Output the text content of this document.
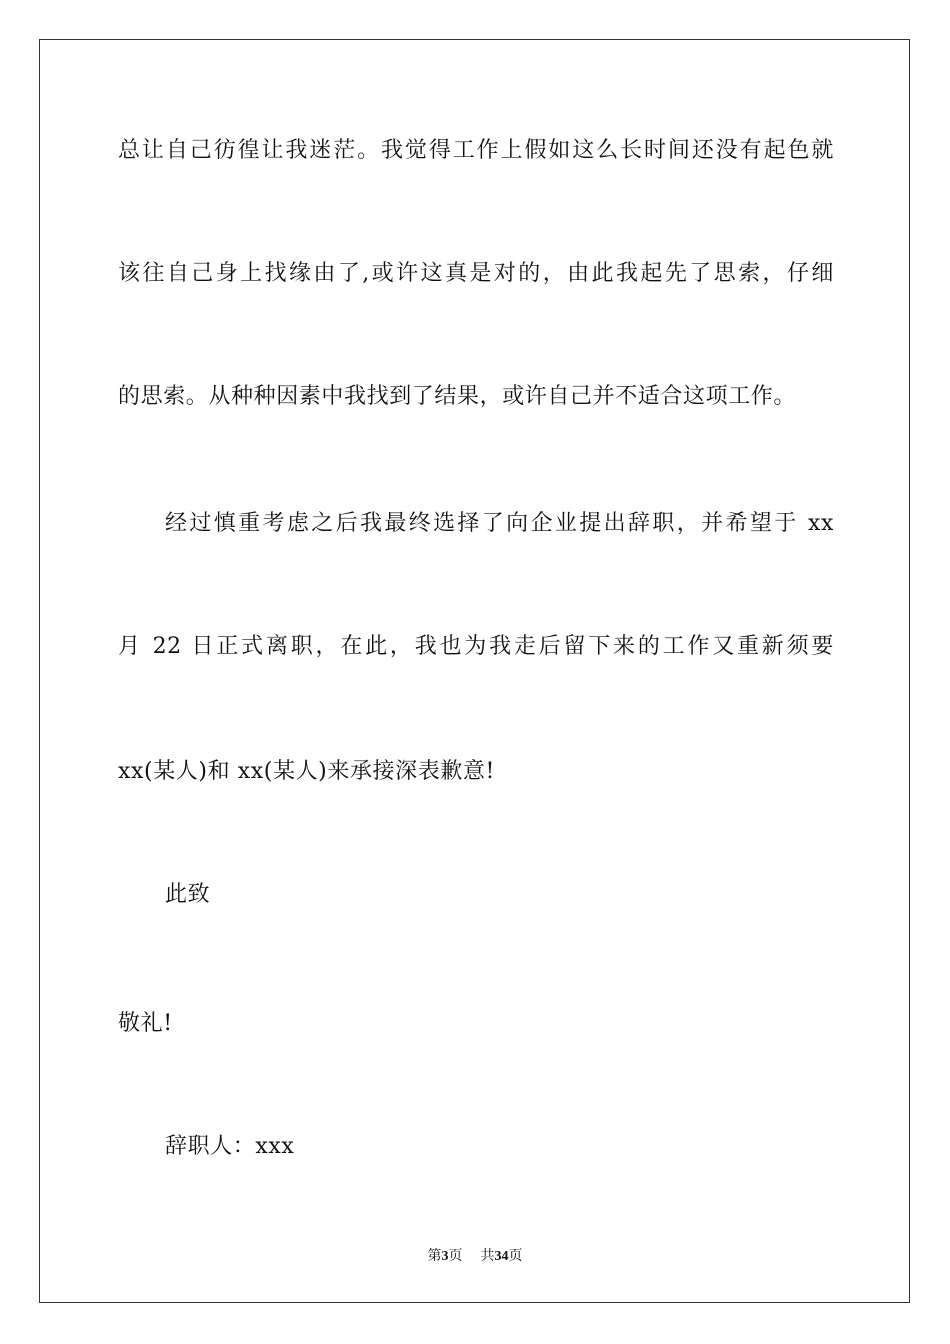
总让自己彷徨让我迷茫。我觉得工作上假如这么长时间还没有起色就
该往自己身上找缘由了,或许这真是对的，由此我起先了思索，仔细
的思索。从种种因素中我找到了结果，或许自己并不适合这项工作。
经过慎重考虑之后我最终选择了向企业提出辞职，并希望于 xx
月 22 日正式离职，在此，我也为我走后留下来的工作又重新须要
xx(某人)和 xx(某人)来承接深表歉意!
此致
敬礼!
辞职人：xxx
第3页 共34页
